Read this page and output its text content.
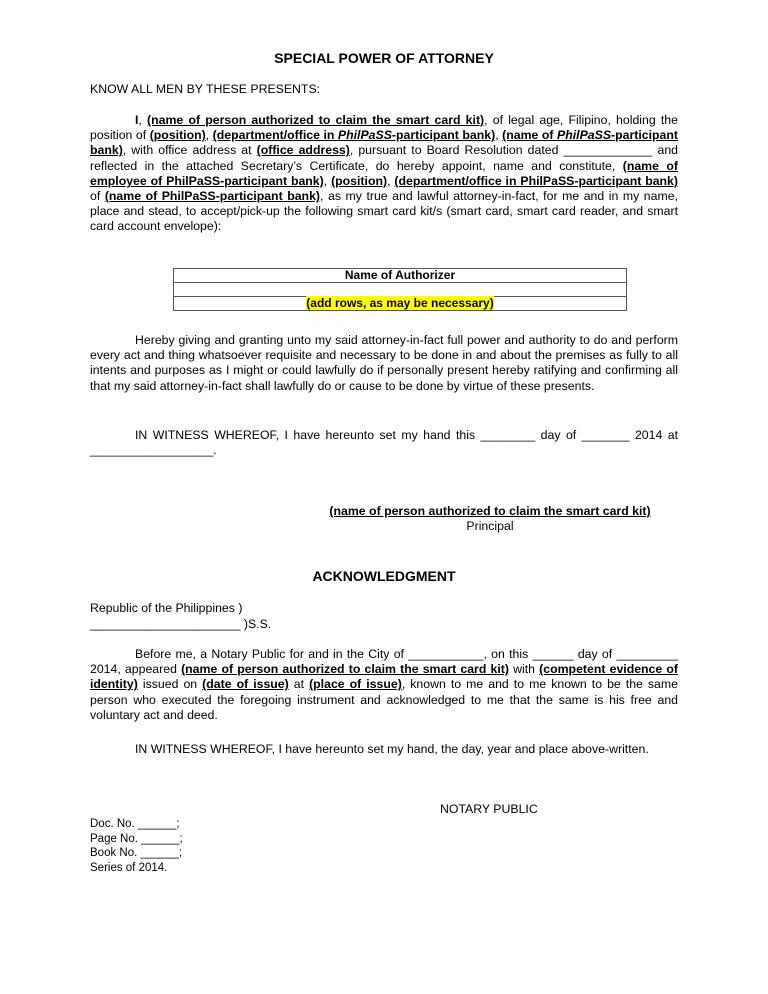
SPECIAL POWER OF ATTORNEY
KNOW ALL MEN BY THESE PRESENTS:
I, (name of person authorized to claim the smart card kit), of legal age, Filipino, holding the position of (position), (department/office in PhilPaSS-participant bank), (name of PhilPaSS-participant bank), with office address at (office address), pursuant to Board Resolution dated _____________ and reflected in the attached Secretary’s Certificate, do hereby appoint, name and constitute, (name of employee of PhilPaSS-participant bank), (position), (department/office in PhilPaSS-participant bank) of (name of PhilPaSS-participant bank), as my true and lawful attorney-in-fact, for me and in my name, place and stead, to accept/pick-up the following smart card kit/s (smart card, smart card reader, and smart card account envelope):
Name of Authorizer

(add rows, as may be necessary)
Hereby giving and granting unto my said attorney-in-fact full power and authority to do and perform every act and thing whatsoever requisite and necessary to be done in and about the premises as fully to all intents and purposes as I might or could lawfully do if personally present hereby ratifying and confirming all that my said attorney-in-fact shall lawfully do or cause to be done by virtue of these presents.
IN WITNESS WHEREOF, I have hereunto set my hand this ________ day of _______ 2014 at __________________.
(name of person authorized to claim the smart card kit)
Principal
ACKNOWLEDGMENT
Republic of the Philippines )
______________________ )S.S.
Before me, a Notary Public for and in the City of ___________, on this ______ day of _________ 2014, appeared (name of person authorized to claim the smart card kit) with (competent evidence of identity) issued on (date of issue) at (place of issue), known to me and to me known to be the same person who executed the foregoing instrument and acknowledged to me that the same is his free and voluntary act and deed.
IN WITNESS WHEREOF, I have hereunto set my hand, the day, year and place above-written.
NOTARY PUBLIC
Doc. No. ______;
Page No. ______;
Book No. ______;
Series of 2014.
